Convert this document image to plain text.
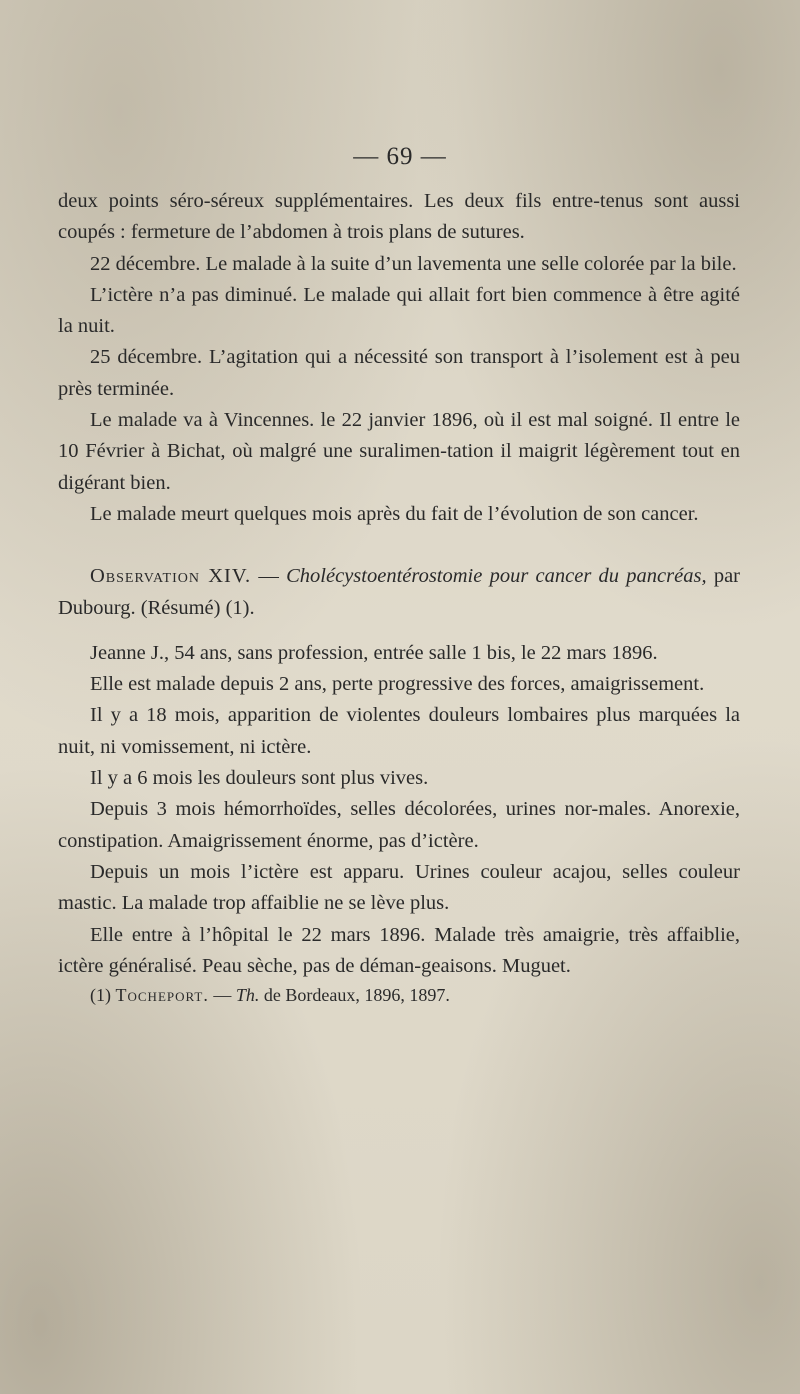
— 69 —

deux points séro-séreux supplémentaires. Les deux fils entre-tenus sont aussi coupés : fermeture de l’abdomen à trois plans de sutures.

22 décembre. Le malade à la suite d’un lavementa une selle colorée par la bile.

L’ictère n’a pas diminué. Le malade qui allait fort bien commence à être agité la nuit.

25 décembre. L’agitation qui a nécessité son transport à l’isolement est à peu près terminée.

Le malade va à Vincennes. le 22 janvier 1896, où il est mal soigné. Il entre le 10 Février à Bichat, où malgré une suralimen-tation il maigrit légèrement tout en digérant bien.

Le malade meurt quelques mois après du fait de l’évolution de son cancer.

Observation XIV. — Cholécystoentérostomie pour cancer du pancréas, par Dubourg. (Résumé) (1).

Jeanne J., 54 ans, sans profession, entrée salle 1 bis, le 22 mars 1896.

Elle est malade depuis 2 ans, perte progressive des forces, amaigrissement.

Il y a 18 mois, apparition de violentes douleurs lombaires plus marquées la nuit, ni vomissement, ni ictère.

Il y a 6 mois les douleurs sont plus vives.

Depuis 3 mois hémorrhoïdes, selles décolorées, urines nor-males. Anorexie, constipation. Amaigrissement énorme, pas d’ictère.

Depuis un mois l’ictère est apparu. Urines couleur acajou, selles couleur mastic. La malade trop affaiblie ne se lève plus.

Elle entre à l’hôpital le 22 mars 1896. Malade très amaigrie, très affaiblie, ictère généralisé. Peau sèche, pas de déman-geaisons. Muguet.

(1) Tocheport. — Th. de Bordeaux, 1896, 1897.
